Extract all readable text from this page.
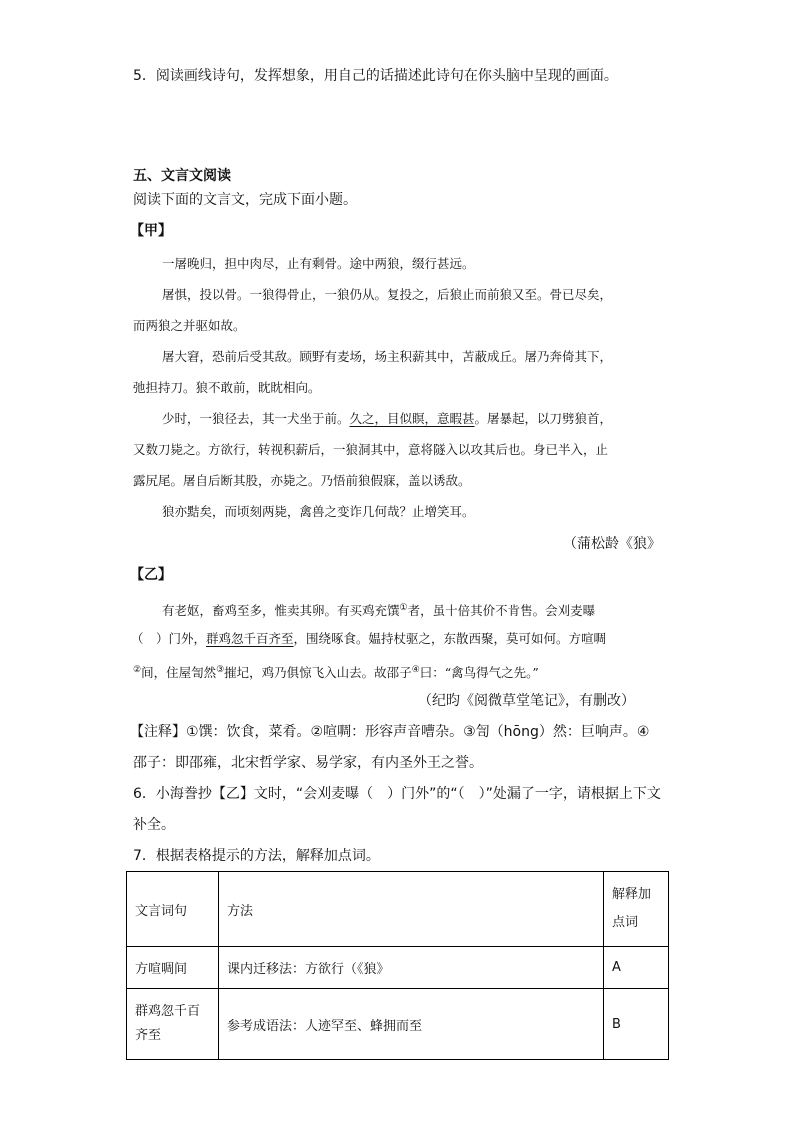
5．阅读画线诗句，发挥想象，用自己的话描述此诗句在你头脑中呈现的画面。
五、文言文阅读
阅读下面的文言文，完成下面小题。
【甲】
一屠晚归，担中肉尽，止有剩骨。途中两狼，缀行甚远。
屠惧，投以骨。一狼得骨止，一狼仍从。复投之，后狼止而前狼又至。骨已尽矣，
而两狼之并驱如故。
屠大窘，恐前后受其敌。顾野有麦场，场主积薪其中，苫蔽成丘。屠乃奔倚其下，
弛担持刀。狼不敢前，眈眈相向。
少时，一狼径去，其一犬坐于前。久之，目似瞑，意暇甚。屠暴起，以刀劈狼首，
又数刀毙之。方欲行，转视积薪后，一狼洞其中，意将隧入以攻其后也。身已半入，止
露尻尾。屠自后断其股，亦毙之。乃悟前狼假寐，盖以诱敌。
狼亦黠矣，而顷刻两毙，禽兽之变诈几何哉？止增笑耳。
（蒲松龄《狼》
【乙】
有老妪，畜鸡至多，惟卖其卵。有买鸡充馔①者，虽十倍其价不肯售。会刈麦曝
（　）门外，群鸡忽千百齐至，围绕啄食。媪持杖驱之，东散西聚，莫可如何。方喧啁
②间，住屋訇然③摧圮，鸡乃俱惊飞入山去。故邵子④曰：“禽鸟得气之先。”
（纪昀《阅微草堂笔记》，有删改）
【注释】①馔：饮食，菜肴。②喧啁：形容声音嘈杂。③訇（hōng）然：巨响声。④
邵子：即邵雍，北宋哲学家、易学家，有内圣外王之誉。
6．小海誊抄【乙】文时，“会刈麦曝（　）门外”的“（　）”处漏了一字，请根据上下文
补全。
7．根据表格提示的方法，解释加点词。
文言词句	方法	解释加点词
方喧啁间	课内迁移法：方欲行（《狼》	A
群鸡忽千百齐至	参考成语法：人迹罕至、蜂拥而至	B
